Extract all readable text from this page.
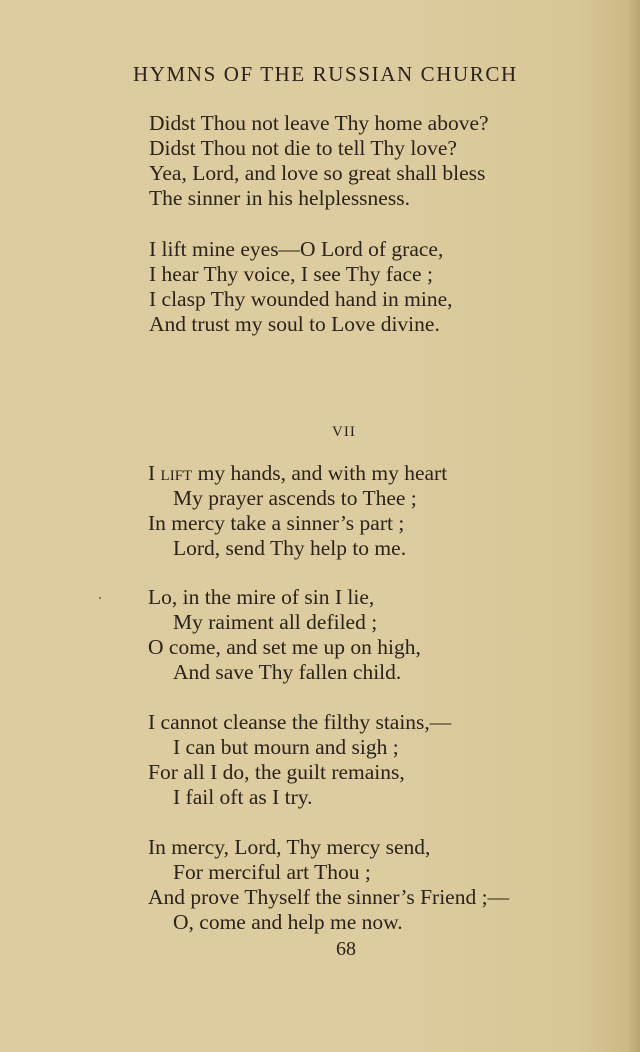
HYMNS OF THE RUSSIAN CHURCH
Didst Thou not leave Thy home above?
Didst Thou not die to tell Thy love?
Yea, Lord, and love so great shall bless
The sinner in his helplessness.
I lift mine eyes—O Lord of grace,
I hear Thy voice, I see Thy face ;
I clasp Thy wounded hand in mine,
And trust my soul to Love divine.
VII
I lift my hands, and with my heart
My prayer ascends to Thee ;
In mercy take a sinner’s part ;
Lord, send Thy help to me.
Lo, in the mire of sin I lie,
My raiment all defiled ;
O come, and set me up on high,
And save Thy fallen child.
I cannot cleanse the filthy stains,—
I can but mourn and sigh ;
For all I do, the guilt remains,
I fail oft as I try.
In mercy, Lord, Thy mercy send,
For merciful art Thou ;
And prove Thyself the sinner’s Friend ;—
O, come and help me now.
68
